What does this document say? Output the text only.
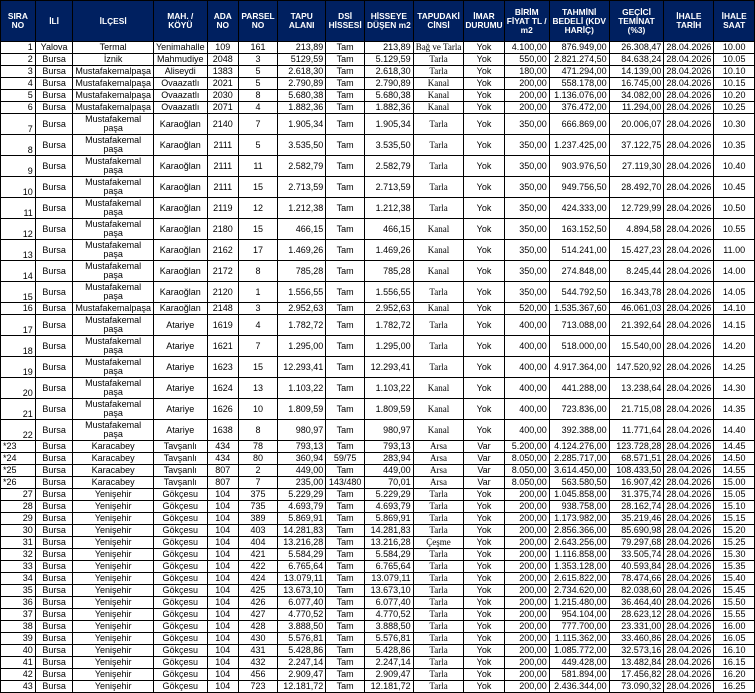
SIRA NO	İLİ	İLÇESİ	MAH. / KÖYÜ	ADA NO	PARSEL NO	TAPU ALANI	DSİ HİSSESİ	HİSSEYE DÜŞEN m2	TAPUDAKİ CİNSİ	İMAR DURUMU	BİRİM FİYAT TL / m2	TAHMİNİ BEDELİ (KDV HARİÇ)	GEÇİCİ TEMİNAT (%3)	İHALE TARİH	İHALE SAAT
1	Yalova	Termal	Yenimahalle	109	161	213,89	Tam	213,89	Bağ ve Tarla	Yok	4.100,00	876.949,00	26.308,47	28.04.2026	10.00
2	Bursa	İznik	Mahmudiye	2048	3	5129,59	Tam	5.129,59	Tarla	Yok	550,00	2.821.274,50	84.638,24	28.04.2026	10.05
3	Bursa	Mustafakemalpaşa	Aliseydi	1383	5	2.618,30	Tam	2.618,30	Tarla	Yok	180,00	471.294,00	14.139,00	28.04.2026	10.10
4	Bursa	Mustafakemalpaşa	Ovaazatlı	2021	5	2.790,89	Tam	2.790,89	Kanal	Yok	200,00	558.178,00	16.745,00	28.04.2026	10.15
5	Bursa	Mustafakemalpaşa	Ovaazatlı	2030	8	5.680,38	Tam	5.680,38	Kanal	Yok	200,00	1.136.076,00	34.082,00	28.04.2026	10.20
6	Bursa	Mustafakemalpaşa	Ovaazatlı	2071	4	1.882,36	Tam	1.882,36	Kanal	Yok	200,00	376.472,00	11.294,00	28.04.2026	10.25
7	Bursa	Mustafakemal paşa	Karaoğlan	2140	7	1.905,34	Tam	1.905,34	Tarla	Yok	350,00	666.869,00	20.006,07	28.04.2026	10.30
8	Bursa	Mustafakemal paşa	Karaoğlan	2111	5	3.535,50	Tam	3.535,50	Tarla	Yok	350,00	1.237.425,00	37.122,75	28.04.2026	10.35
9	Bursa	Mustafakemal paşa	Karaoğlan	2111	11	2.582,79	Tam	2.582,79	Tarla	Yok	350,00	903.976,50	27.119,30	28.04.2026	10.40
10	Bursa	Mustafakemal paşa	Karaoğlan	2111	15	2.713,59	Tam	2.713,59	Tarla	Yok	350,00	949.756,50	28.492,70	28.04.2026	10.45
11	Bursa	Mustafakemal paşa	Karaoğlan	2119	12	1.212,38	Tam	1.212,38	Tarla	Yok	350,00	424.333,00	12.729,99	28.04.2026	10.50
12	Bursa	Mustafakemal paşa	Karaoğlan	2180	15	466,15	Tam	466,15	Kanal	Yok	350,00	163.152,50	4.894,58	28.04.2026	10.55
13	Bursa	Mustafakemal paşa	Karaoğlan	2162	17	1.469,26	Tam	1.469,26	Kanal	Yok	350,00	514.241,00	15.427,23	28.04.2026	11.00
14	Bursa	Mustafakemal paşa	Karaoğlan	2172	8	785,28	Tam	785,28	Kanal	Yok	350,00	274.848,00	8.245,44	28.04.2026	14.00
15	Bursa	Mustafakemal paşa	Karaoğlan	2120	1	1.556,55	Tam	1.556,55	Tarla	Yok	350,00	544.792,50	16.343,78	28.04.2026	14.05
16	Bursa	Mustafakemalpaşa	Karaoğlan	2148	3	2.952,63	Tam	2.952,63	Kanal	Yok	520,00	1.535.367,60	46.061,03	28.04.2026	14.10
17	Bursa	Mustafakemal paşa	Atariye	1619	4	1.782,72	Tam	1.782,72	Tarla	Yok	400,00	713.088,00	21.392,64	28.04.2026	14.15
18	Bursa	Mustafakemal paşa	Atariye	1621	7	1.295,00	Tam	1.295,00	Tarla	Yok	400,00	518.000,00	15.540,00	28.04.2026	14.20
19	Bursa	Mustafakemal paşa	Atariye	1623	15	12.293,41	Tam	12.293,41	Tarla	Yok	400,00	4.917.364,00	147.520,92	28.04.2026	14.25
20	Bursa	Mustafakemal paşa	Atariye	1624	13	1.103,22	Tam	1.103,22	Kanal	Yok	400,00	441.288,00	13.238,64	28.04.2026	14.30
21	Bursa	Mustafakemal paşa	Atariye	1626	10	1.809,59	Tam	1.809,59	Kanal	Yok	400,00	723.836,00	21.715,08	28.04.2026	14.35
22	Bursa	Mustafakemal paşa	Atariye	1638	8	980,97	Tam	980,97	Kanal	Yok	400,00	392.388,00	11.771,64	28.04.2026	14.40
*23	Bursa	Karacabey	Tavşanlı	434	78	793,13	Tam	793,13	Arsa	Var	5.200,00	4.124.276,00	123.728,28	28.04.2026	14.45
*24	Bursa	Karacabey	Tavşanlı	434	80	360,94	59/75	283,94	Arsa	Var	8.050,00	2.285.717,00	68.571,51	28.04.2026	14.50
*25	Bursa	Karacabey	Tavşanlı	807	2	449,00	Tam	449,00	Arsa	Var	8.050,00	3.614.450,00	108.433,50	28.04.2026	14.55
*26	Bursa	Karacabey	Tavşanlı	807	7	235,00	143/480	70,01	Arsa	Var	8.050,00	563.580,50	16.907,42	28.04.2026	15.00
27	Bursa	Yenişehir	Gökçesu	104	375	5.229,29	Tam	5.229,29	Tarla	Yok	200,00	1.045.858,00	31.375,74	28.04.2026	15.05
28	Bursa	Yenişehir	Gökçesu	104	735	4.693,79	Tam	4.693,79	Tarla	Yok	200,00	938.758,00	28.162,74	28.04.2026	15.10
29	Bursa	Yenişehir	Gökçesu	104	389	5.869,91	Tam	5.869,91	Tarla	Yok	200,00	1.173.982,00	35.219,46	28.04.2026	15.15
30	Bursa	Yenişehir	Gökçesu	104	403	14.281,83	Tam	14.281,83	Tarla	Yok	200,00	2.856.366,00	85.690,98	28.04.2026	15.20
31	Bursa	Yenişehir	Gökçesu	104	404	13.216,28	Tam	13.216,28	Çeşme	Yok	200,00	2.643.256,00	79.297,68	28.04.2026	15.25
32	Bursa	Yenişehir	Gökçesu	104	421	5.584,29	Tam	5.584,29	Tarla	Yok	200,00	1.116.858,00	33.505,74	28.04.2026	15.30
33	Bursa	Yenişehir	Gökçesu	104	422	6.765,64	Tam	6.765,64	Tarla	Yok	200,00	1.353.128,00	40.593,84	28.04.2026	15.35
34	Bursa	Yenişehir	Gökçesu	104	424	13.079,11	Tam	13.079,11	Tarla	Yok	200,00	2.615.822,00	78.474,66	28.04.2026	15.40
35	Bursa	Yenişehir	Gökçesu	104	425	13.673,10	Tam	13.673,10	Tarla	Yok	200,00	2.734.620,00	82.038,60	28.04.2026	15.45
36	Bursa	Yenişehir	Gökçesu	104	426	6.077,40	Tam	6.077,40	Tarla	Yok	200,00	1.215.480,00	36.464,40	28.04.2026	15.50
37	Bursa	Yenişehir	Gökçesu	104	427	4.770,52	Tam	4.770,52	Tarla	Yok	200,00	954.104,00	28.623,12	28.04.2026	15.55
38	Bursa	Yenişehir	Gökçesu	104	428	3.888,50	Tam	3.888,50	Tarla	Yok	200,00	777.700,00	23.331,00	28.04.2026	16.00
39	Bursa	Yenişehir	Gökçesu	104	430	5.576,81	Tam	5.576,81	Tarla	Yok	200,00	1.115.362,00	33.460,86	28.04.2026	16.05
40	Bursa	Yenişehir	Gökçesu	104	431	5.428,86	Tam	5.428,86	Tarla	Yok	200,00	1.085.772,00	32.573,16	28.04.2026	16.10
41	Bursa	Yenişehir	Gökçesu	104	432	2.247,14	Tam	2.247,14	Tarla	Yok	200,00	449.428,00	13.482,84	28.04.2026	16.15
42	Bursa	Yenişehir	Gökçesu	104	456	2.909,47	Tam	2.909,47	Tarla	Yok	200,00	581.894,00	17.456,82	28.04.2026	16.20
43	Bursa	Yenişehir	Gökçesu	104	723	12.181,72	Tam	12.181,72	Tarla	Yok	200,00	2.436.344,00	73.090,32	28.04.2026	16.25
